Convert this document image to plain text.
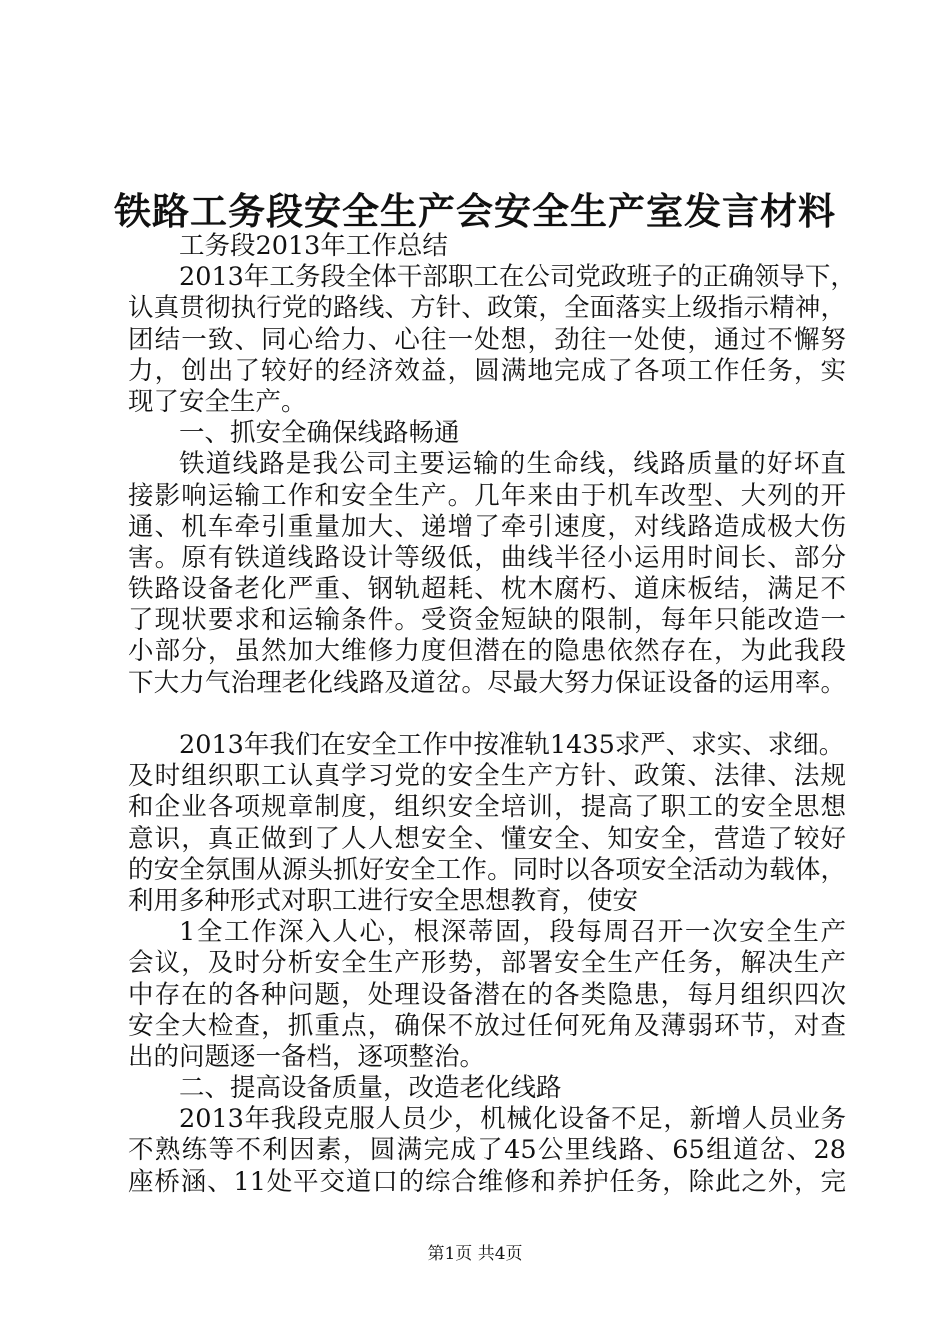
铁路工务段安全生产会安全生产室发言材料
工务段2013年工作总结
2013年工务段全体干部职工在公司党政班子的正确领导下，
认真贯彻执行党的路线、方针、政策，全面落实上级指示精神，
团结一致、同心给力、心往一处想，劲往一处使，通过不懈努
力，创出了较好的经济效益，圆满地完成了各项工作任务，实
现了安全生产。
一、抓安全确保线路畅通
铁道线路是我公司主要运输的生命线，线路质量的好坏直
接影响运输工作和安全生产。几年来由于机车改型、大列的开
通、机车牵引重量加大、递增了牵引速度，对线路造成极大伤
害。原有铁道线路设计等级低，曲线半径小运用时间长、部分
铁路设备老化严重、钢轨超耗、枕木腐朽、道床板结，满足不
了现状要求和运输条件。受资金短缺的限制，每年只能改造一
小部分，虽然加大维修力度但潜在的隐患依然存在，为此我段
下大力气治理老化线路及道岔。尽最大努力保证设备的运用率。
2013年我们在安全工作中按准轨1435求严、求实、求细。
及时组织职工认真学习党的安全生产方针、政策、法律、法规
和企业各项规章制度，组织安全培训，提高了职工的安全思想
意识，真正做到了人人想安全、懂安全、知安全，营造了较好
的安全氛围从源头抓好安全工作。同时以各项安全活动为载体，
利用多种形式对职工进行安全思想教育，使安
1全工作深入人心，根深蒂固，段每周召开一次安全生产
会议，及时分析安全生产形势，部署安全生产任务，解决生产
中存在的各种问题，处理设备潜在的各类隐患，每月组织四次
安全大检查，抓重点，确保不放过任何死角及薄弱环节，对查
出的问题逐一备档，逐项整治。
二、提高设备质量，改造老化线路
2013年我段克服人员少，机械化设备不足，新增人员业务
不熟练等不利因素，圆满完成了45公里线路、65组道岔、28
座桥涵、11处平交道口的综合维修和养护任务，除此之外，完
第1页 共4页
